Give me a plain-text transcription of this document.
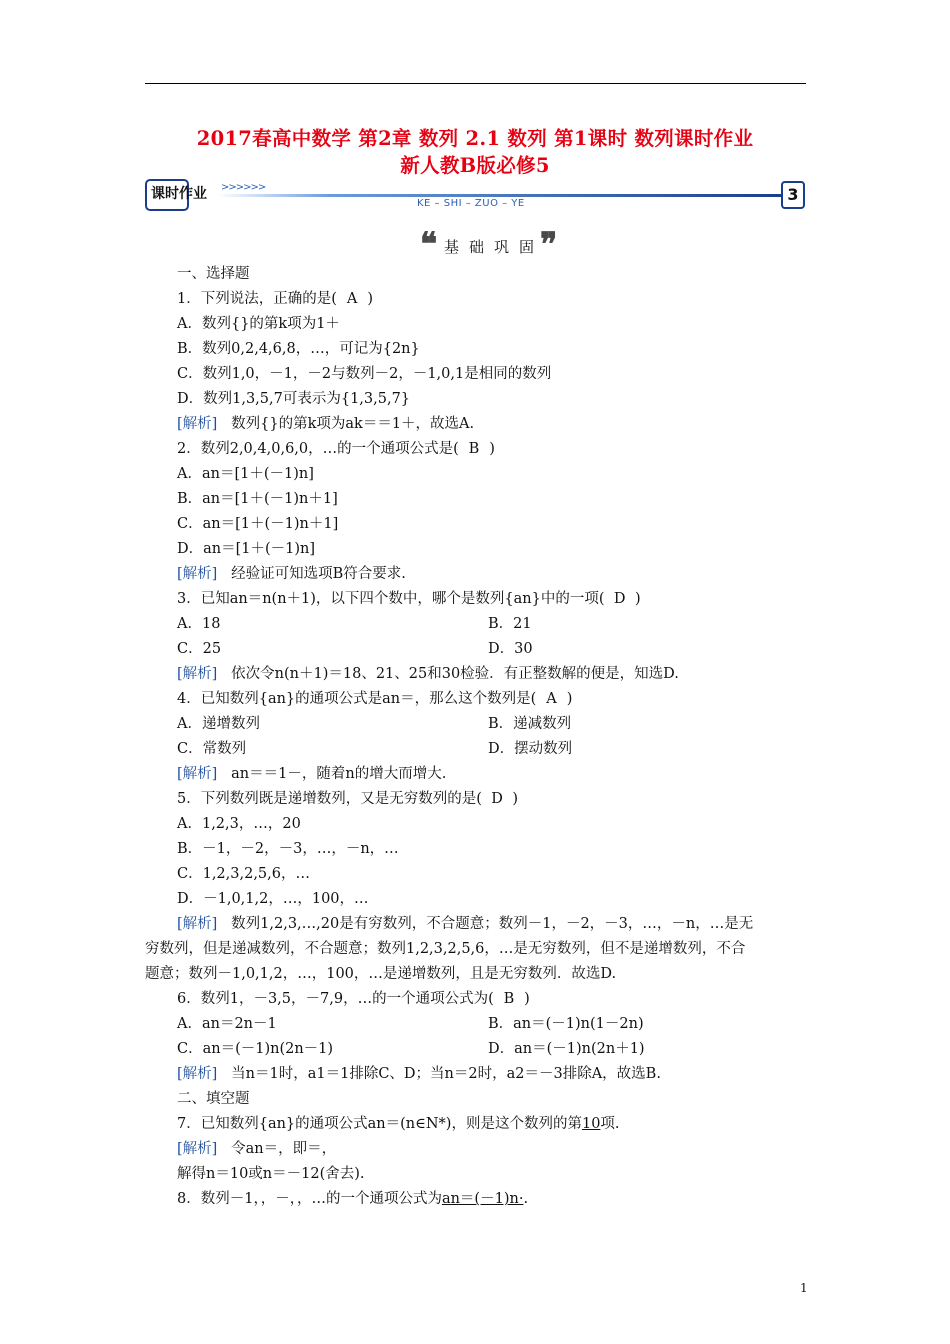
2017春高中数学 第2章 数列 2.1 数列 第1课时 数列课时作业
新人教B版必修5
课时作业 >>>>>>
KE – SHI – ZUO – YE	3
❝ 基础巩固
❞
一、选择题
1．下列说法，正确的是( A )
A．数列{}的第k项为1＋
B．数列0,2,4,6,8，…，可记为{2n}
C．数列1,0，－1，－2与数列－2，－1,0,1是相同的数列
D．数列1,3,5,7可表示为{1,3,5,7}
[解析] 数列{}的第k项为ak＝＝1＋，故选A.
2．数列2,0,4,0,6,0，…的一个通项公式是( B )
A．an＝[1＋(－1)n]
B．an＝[1＋(－1)n＋1]
C．an＝[1＋(－1)n＋1]
D．an＝[1＋(－1)n]
[解析] 经验证可知选项B符合要求.
3．已知an＝n(n＋1)，以下四个数中，哪个是数列{an}中的一项( D )
A．18	B．21
C．25	D．30
[解析] 依次令n(n＋1)＝18、21、25和30检验．有正整数解的便是，知选D.
4．已知数列{an}的通项公式是an＝，那么这个数列是( A )
A．递增数列	B．递减数列
C．常数列	D．摆动数列
[解析] an＝＝1－，随着n的增大而增大.
5．下列数列既是递增数列，又是无穷数列的是( D )
A．1,2,3，…，20
B．－1，－2，－3，…，－n，…
C．1,2,3,2,5,6，…
D．－1,0,1,2，…，100，…
[解析] 数列1,2,3,…,20是有穷数列，不合题意；数列－1，－2，－3，…，－n，…是无
穷数列，但是递减数列，不合题意；数列1,2,3,2,5,6，…是无穷数列，但不是递增数列，不合
题意；数列－1,0,1,2，…，100，…是递增数列，且是无穷数列．故选D.
6．数列1，－3,5，－7,9，…的一个通项公式为( B )
A．an＝2n－1	B．an＝(－1)n(1－2n)
C．an＝(－1)n(2n－1)	D．an＝(－1)n(2n＋1)
[解析] 当n＝1时，a1＝1排除C、D；当n＝2时，a2＝－3排除A，故选B.
二、填空题
7．已知数列{an}的通项公式an＝(n∈N*)，则是这个数列的第10项.
[解析] 令an＝，即＝，
解得n＝10或n＝－12(舍去).
8．数列－1，，－，，…的一个通项公式为an＝(－1)n·.
1
